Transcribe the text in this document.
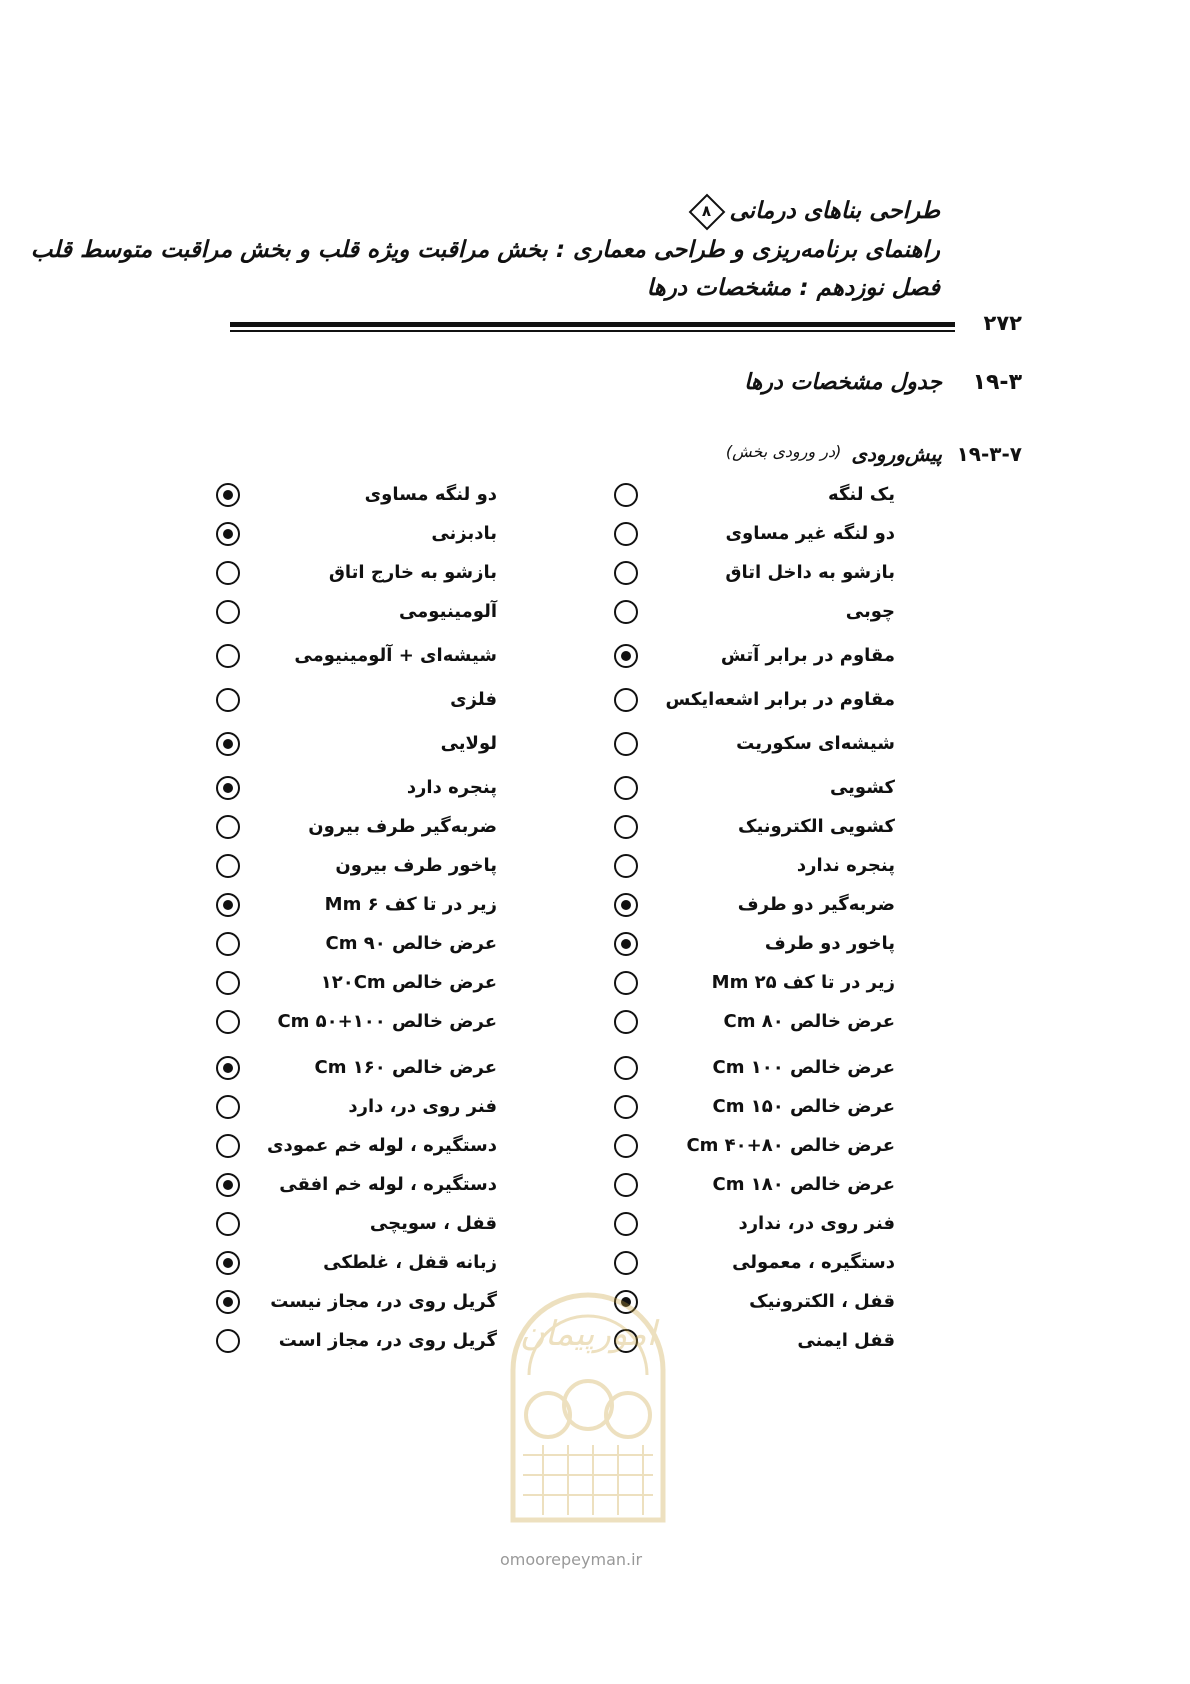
طراحی بناهای درمانی
۸
راهنمای برنامه‌ریزی و طراحی معماری : بخش مراقبت ویژه قلب و بخش مراقبت متوسط قلب
فصل نوزدهم : مشخصات درها
۲۷۲
۱۹-۳
جدول مشخصات درها
۱۹-۳-۷
پیش‌ورودی
(در ورودی بخش)
یک لنگه
دو لنگه مساوی
دو لنگه غیر مساوی
بادبزنی
بازشو به داخل اتاق
بازشو به خارج اتاق
چوبی
آلومینیومی
مقاوم در برابر آتش
شیشه‌ای + آلومینیومی
مقاوم در برابر اشعه‌ایکس
فلزی
شیشه‌ای سکوریت
لولایی
کشویی
پنجره دارد
کشویی الکترونیک
ضربه‌گیر طرف بیرون
پنجره ندارد
پاخور طرف بیرون
ضربه‌گیر دو طرف
زیر در تا کف Mm ۶
پاخور دو طرف
عرض خالص Cm ۹۰
زیر در تا کف Mm ۲۵
عرض خالص ۱۲۰Cm
عرض خالص Cm ۸۰
عرض خالص Cm ۵۰+۱۰۰
عرض خالص Cm ۱۰۰
عرض خالص Cm ۱۶۰
عرض خالص Cm ۱۵۰
فنر روی در، دارد
عرض خالص Cm ۴۰+۸۰
دستگیره ، لوله خم عمودی
عرض خالص Cm ۱۸۰
دستگیره ، لوله خم افقی
فنر روی در، ندارد
قفل ، سویچی
دستگیره ، معمولی
زبانه قفل ، غلطکی
قفل ، الکترونیک
گریل روی در، مجاز نیست
قفل ایمنی
گریل روی در، مجاز است امورپیمان
omoorepeyman.ir
